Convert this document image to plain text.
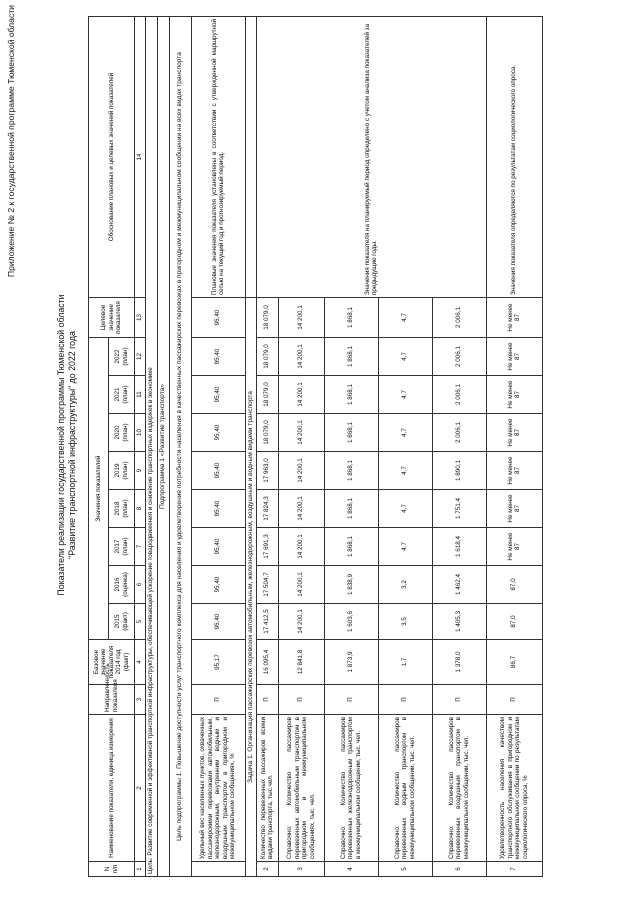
Приложение № 2 к государственной программе Тюменской области
Показатели реализации государственной программы Тюменской области "Развитие транспортной инфраструктуры" до 2022 года
N п/п	Наименование показателя, единица измерения	Направленность показателя	Базовое значение показателя 2014 год (факт)	Значения показателей								Целевое значение показателя	Обоснование плановых и целевых значений показателей
				2015 (факт)	2016 (оценка)	2017 (план)	2018 (план)	2019 (план)	2020 (план)	2021 (план)	2022 (план)		
1	2	3	4	5	6	7	8	9	10	11	12	13	14
Цель: Развитие современной и эффективной транспортной инфраструктуры, обеспечивающей ускорение товародвижения и снижение транспортных издержек в экономике													
Подпрограмма 1 «Развитие транспорта»													
Цель подпрограммы 1. Повышение доступности услуг транспортного комплекса для населения и удовлетворение потребности населения в качественных пассажирских перевозках в пригородном и межмуниципальном сообщении на всех видах транспорта													
	Удельный вес населенных пунктов, охваченных пассажирскими перевозками автомобильным, железнодорожным, внутренним водным и воздушным транспортом в пригородном и межмуниципальном сообщениях, %	П	95,17	95,40	95,40	95,40	95,40	95,40	95,40	95,40	95,40	95,40	Плановые значения показателя установлены в соответствии с утвержденной маршрутной сетью на текущий год и прогнозируемый период.
Задача 1. Организация пассажирских перевозок автомобильным, железнодорожным, воздушным и водным видами транспорта													
2	Количество перевезенных пассажиров всеми видами транспорта, тыс.чел.	П	16 095,4	17 412,5	17 504,7	17 691,3	17 824,3	17 963,0	18 079,0	18 079,0	18 079,0	18 079,0	Значения показателя на планируемый период определено с учетом анализа показателей за предыдущие годы.
3	Справочно: Количество пассажиров перевезенных автомобильным транспортом в пригородном и межмуниципальном сообщениях, тыс. чел.	П	12 841,8	14 200,1	14 200,1	14 200,1	14 200,1	14 200,1	14 200,1	14 200,1	14 200,1	14 200,1	
4	Справочно: Количество пассажиров перевезенных железнодорожным транспортом в межмуниципальном сообщении, тыс. чел.	П	1 873,9	1 603,6	1 838,9	1 868,1	1 868,1	1 868,1	1 868,1	1 868,1	1 868,1	1 868,1	
5	Справочно: Количество пассажиров перевезенных водным транспортом в межмуниципальном сообщении, тыс. чел.	П	1,7	3,5	3,2	4,7	4,7	4,7	4,7	4,7	4,7	4,7	
6	Справочно: Количество пассажиров перевезенных воздушным транспортом в межмуниципальном сообщении, тыс. чел.	П	1 378,0	1 405,3	1 462,4	1 618,4	1 751,4	1 890,1	2 006,1	2 006,1	2 006,1	2 006,1	
7	Удовлетворенность населения качеством транспортного обслуживания в пригородном и межмуниципальном сообщении по результатам социологического опроса, %	П	86,7	87,0	87,0	Не менее 87	Не менее 87	Не менее 87	Не менее 87	Не менее 87	Не менее 87	Не менее 87	Значения показателя определяются по результатам социологического опроса.
